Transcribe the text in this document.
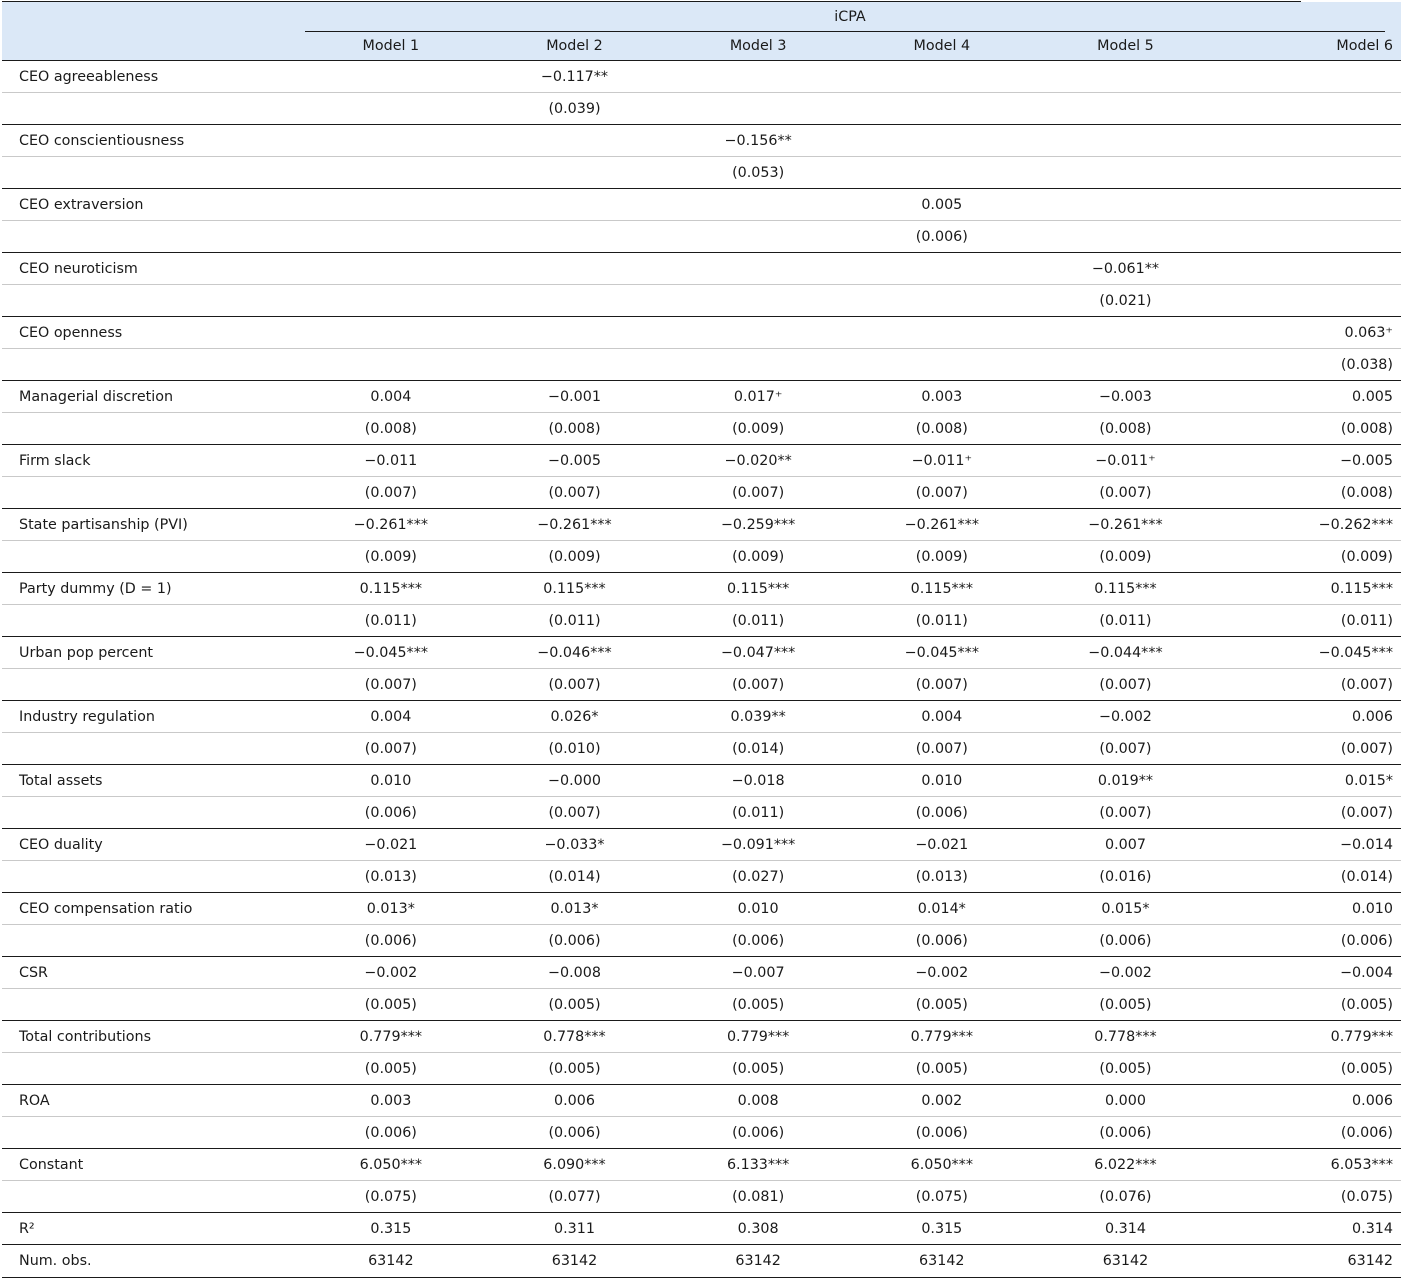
	iCPA					

	Model 1	Model 2	Model 3	Model 4	Model 5	Model 6
CEO agreeableness		−0.117**				
		(0.039)				
CEO conscientiousness			−0.156**			
			(0.053)			
CEO extraversion				0.005		
				(0.006)		
CEO neuroticism					−0.061**	
					(0.021)	
CEO openness						0.063⁺
						(0.038)
Managerial discretion	0.004	−0.001	0.017⁺	0.003	−0.003	0.005
	(0.008)	(0.008)	(0.009)	(0.008)	(0.008)	(0.008)
Firm slack	−0.011	−0.005	−0.020**	−0.011⁺	−0.011⁺	−0.005
	(0.007)	(0.007)	(0.007)	(0.007)	(0.007)	(0.008)
State partisanship (PVI)	−0.261***	−0.261***	−0.259***	−0.261***	−0.261***	−0.262***
	(0.009)	(0.009)	(0.009)	(0.009)	(0.009)	(0.009)
Party dummy (D = 1)	0.115***	0.115***	0.115***	0.115***	0.115***	0.115***
	(0.011)	(0.011)	(0.011)	(0.011)	(0.011)	(0.011)
Urban pop percent	−0.045***	−0.046***	−0.047***	−0.045***	−0.044***	−0.045***
	(0.007)	(0.007)	(0.007)	(0.007)	(0.007)	(0.007)
Industry regulation	0.004	0.026*	0.039**	0.004	−0.002	0.006
	(0.007)	(0.010)	(0.014)	(0.007)	(0.007)	(0.007)
Total assets	0.010	−0.000	−0.018	0.010	0.019**	0.015*
	(0.006)	(0.007)	(0.011)	(0.006)	(0.007)	(0.007)
CEO duality	−0.021	−0.033*	−0.091***	−0.021	0.007	−0.014
	(0.013)	(0.014)	(0.027)	(0.013)	(0.016)	(0.014)
CEO compensation ratio	0.013*	0.013*	0.010	0.014*	0.015*	0.010
	(0.006)	(0.006)	(0.006)	(0.006)	(0.006)	(0.006)
CSR	−0.002	−0.008	−0.007	−0.002	−0.002	−0.004
	(0.005)	(0.005)	(0.005)	(0.005)	(0.005)	(0.005)
Total contributions	0.779***	0.778***	0.779***	0.779***	0.778***	0.779***
	(0.005)	(0.005)	(0.005)	(0.005)	(0.005)	(0.005)
ROA	0.003	0.006	0.008	0.002	0.000	0.006
	(0.006)	(0.006)	(0.006)	(0.006)	(0.006)	(0.006)
Constant	6.050***	6.090***	6.133***	6.050***	6.022***	6.053***
	(0.075)	(0.077)	(0.081)	(0.075)	(0.076)	(0.075)
R²	0.315	0.311	0.308	0.315	0.314	0.314
Num. obs.	63142	63142	63142	63142	63142	63142
